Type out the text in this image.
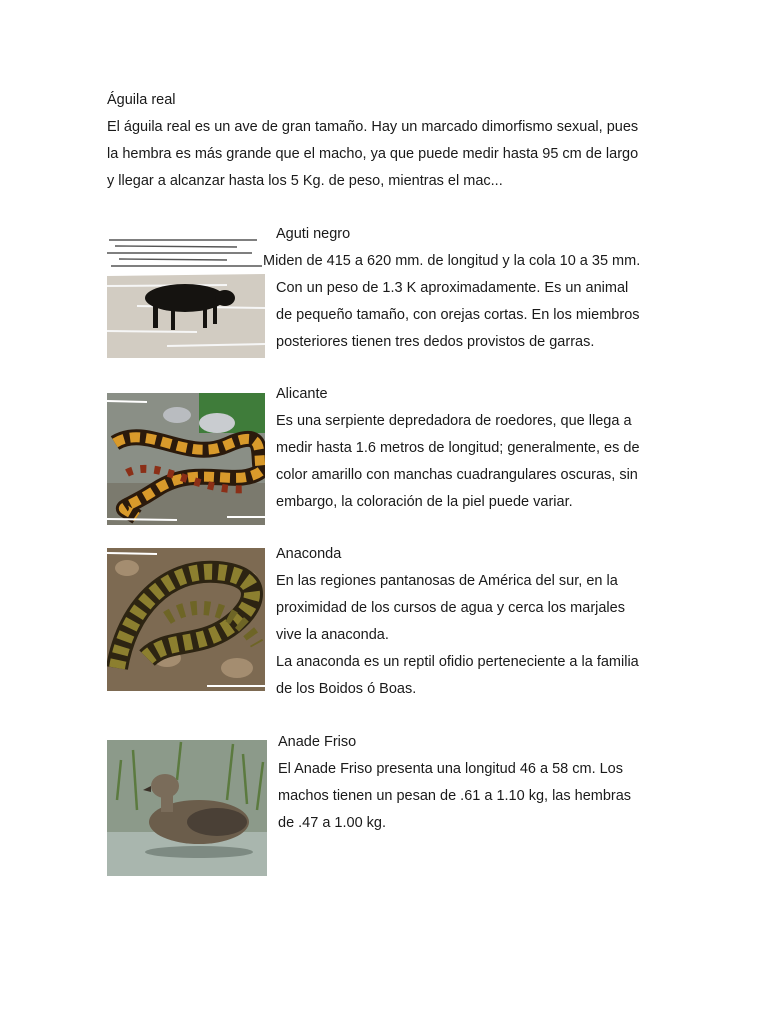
Águila real
El águila real es un ave de gran tamaño. Hay un marcado dimorfismo sexual, pues
la hembra es más grande que el macho, ya que puede medir hasta 95 cm de largo
y llegar a alcanzar hasta los 5 Kg. de peso, mientras el mac...
Aguti negro
Miden de 415 a 620 mm. de longitud y la cola 10 a 35 mm.
Con un peso de 1.3 K aproximadamente. Es un animal
de pequeño tamaño, con orejas cortas. En los miembros
posteriores tienen tres dedos provistos de garras.
Alicante
Es una serpiente depredadora de roedores, que llega a
medir hasta 1.6 metros de longitud; generalmente, es de
color amarillo con manchas cuadrangulares oscuras, sin
embargo, la coloración de la piel puede variar.
Anaconda
En las regiones pantanosas de América del sur, en la
proximidad de los cursos de agua y cerca los marjales
vive la anaconda.
La anaconda es un reptil ofidio perteneciente a la familia
de los Boidos ó Boas.
Anade Friso
El Anade Friso presenta una longitud 46 a 58 cm. Los
machos tienen un pesan de .61 a 1.10 kg, las hembras
de .47 a 1.00 kg.
